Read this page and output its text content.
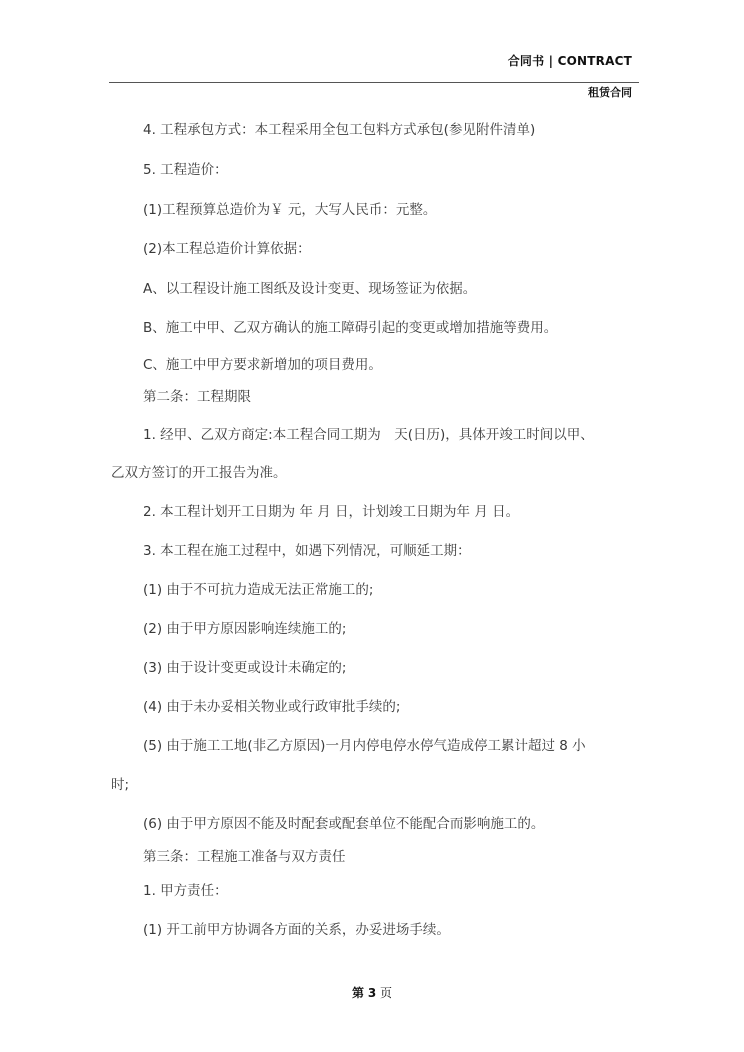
合同书 | CONTRACT
租赁合同
4. 工程承包方式：本工程采用全包工包料方式承包(参见附件清单)
5. 工程造价：
(1)工程预算总造价为￥ 元，大写人民币：元整。
(2)本工程总造价计算依据：
A、以工程设计施工图纸及设计变更、现场签证为依据。
B、施工中甲、乙双方确认的施工障碍引起的变更或增加措施等费用。
C、施工中甲方要求新增加的项目费用。
第二条：工程期限
1. 经甲、乙双方商定:本工程合同工期为　天(日历)，具体开竣工时间以甲、
乙双方签订的开工报告为准。
2. 本工程计划开工日期为 年 月 日，计划竣工日期为年 月 日。
3. 本工程在施工过程中，如遇下列情况，可顺延工期：
(1) 由于不可抗力造成无法正常施工的;
(2) 由于甲方原因影响连续施工的;
(3) 由于设计变更或设计未确定的;
(4) 由于未办妥相关物业或行政审批手续的;
(5) 由于施工工地(非乙方原因)一月内停电停水停气造成停工累计超过 8 小
时;
(6) 由于甲方原因不能及时配套或配套单位不能配合而影响施工的。
第三条：工程施工准备与双方责任
1. 甲方责任：
(1) 开工前甲方协调各方面的关系，办妥进场手续。
第 3 页
